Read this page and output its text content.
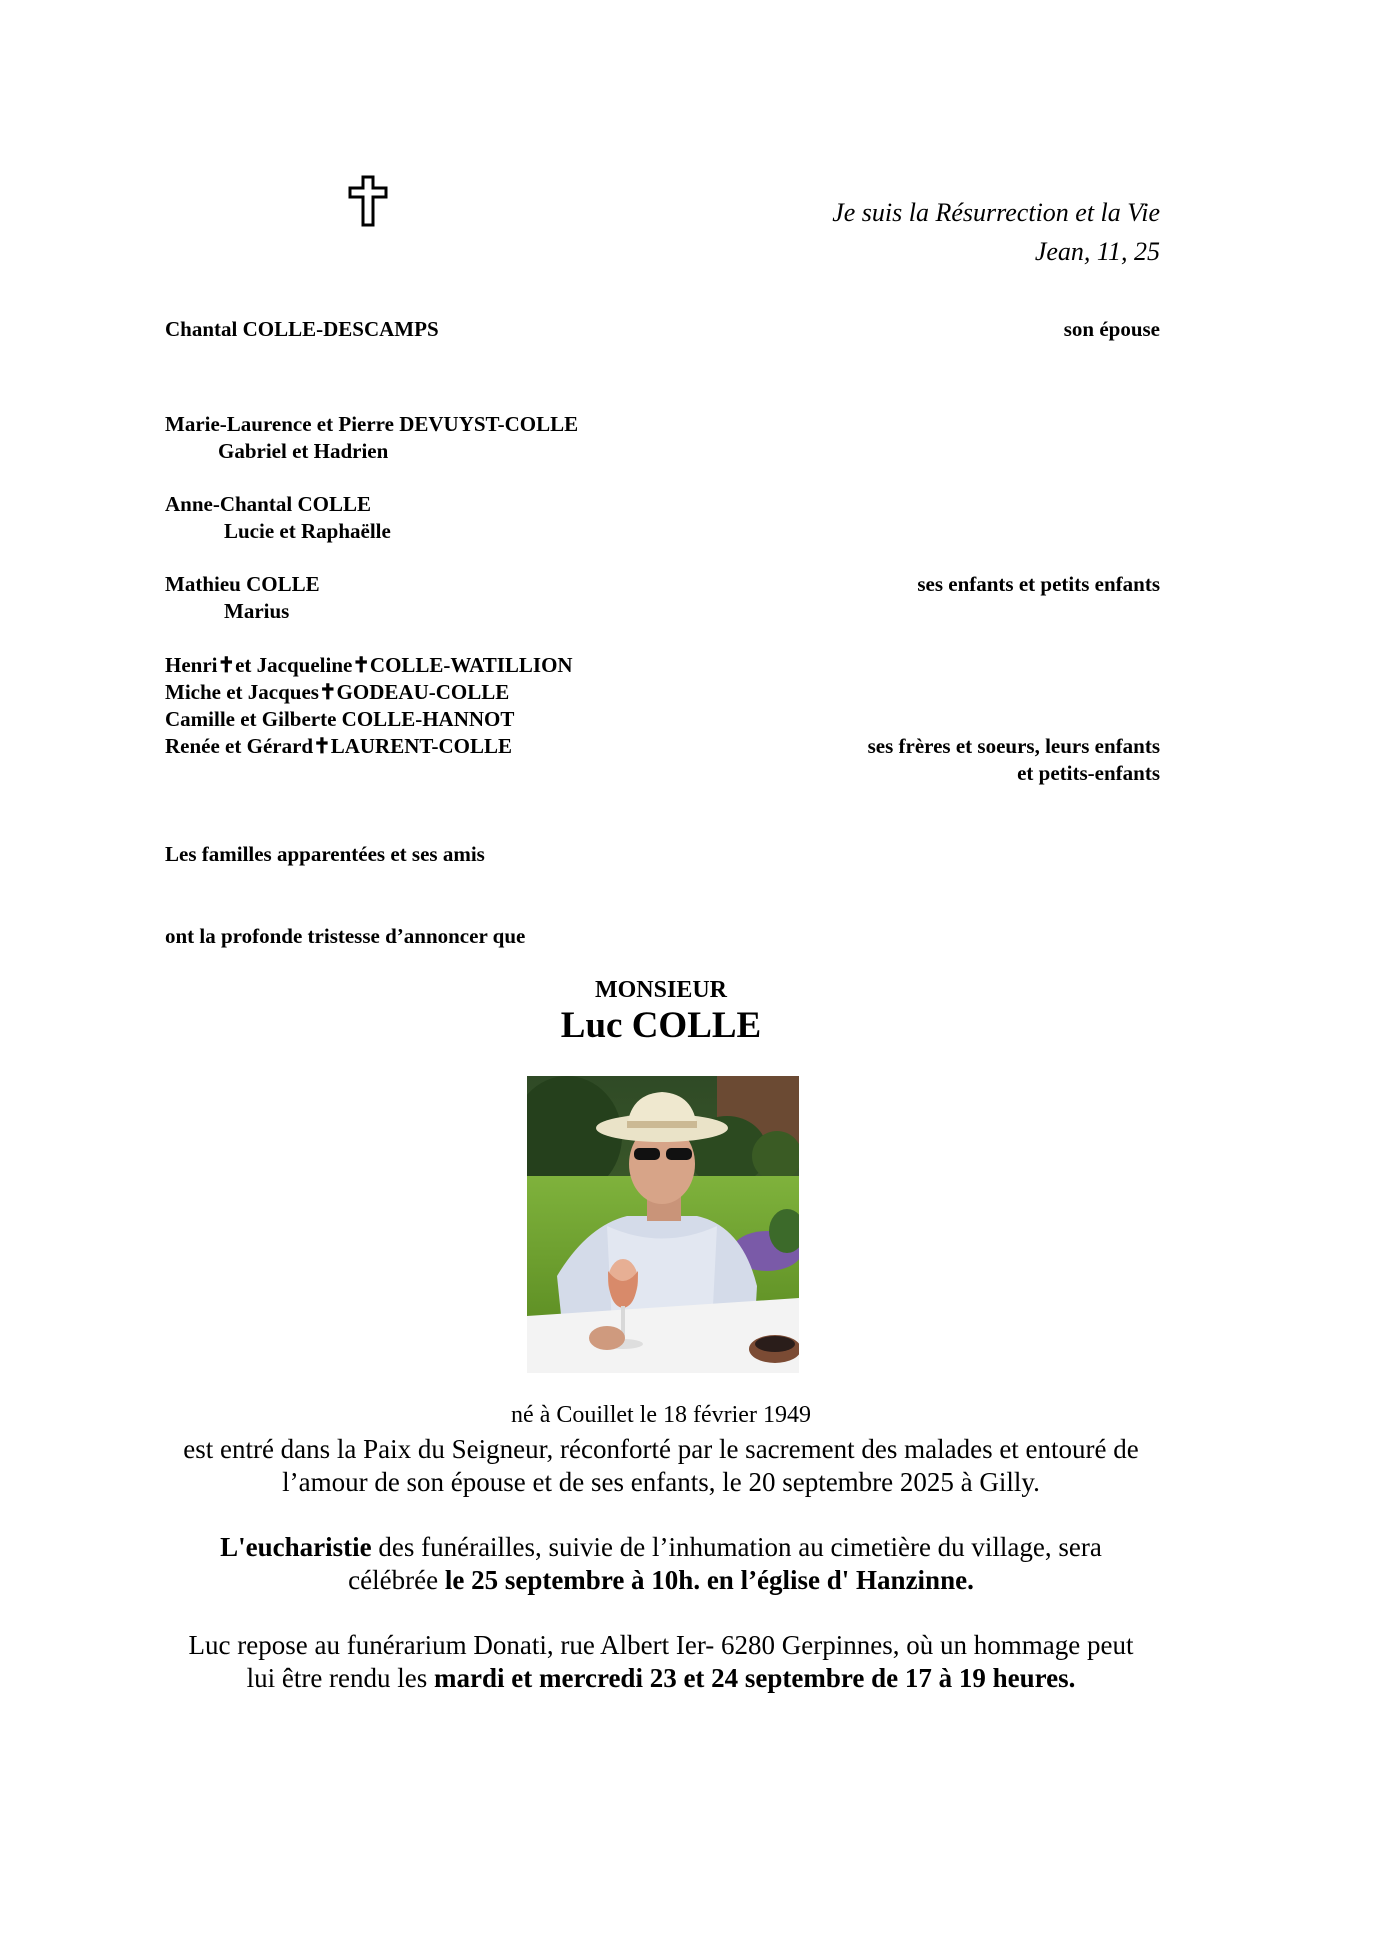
Je suis la Résurrection et la Vie
Jean, 11, 25
Chantal COLLE-DESCAMPS	son épouse
Marie-Laurence et Pierre DEVUYST-COLLE
Gabriel et Hadrien
Anne-Chantal COLLE
Lucie et Raphaëlle
Mathieu COLLE
Marius
ses enfants et petits enfants
Henri✝et Jacqueline✝COLLE-WATILLION
Miche et Jacques✝GODEAU-COLLE
Camille et Gilberte COLLE-HANNOT
Renée et Gérard✝LAURENT-COLLE	ses frères et soeurs, leurs enfants
et petits-enfants
Les familles apparentées et ses amis
ont la profonde tristesse d’annoncer que
MONSIEUR
Luc COLLE
né à Couillet le 18 février 1949
est entré dans la Paix du Seigneur, réconforté par le sacrement des malades et entouré de
l’amour de son épouse et de ses enfants, le 20 septembre 2025 à Gilly.
L'eucharistie des funérailles, suivie de l’inhumation au cimetière du village, sera
célébrée le 25 septembre à 10h. en l’église d' Hanzinne.
Luc repose au funérarium Donati, rue Albert Ier- 6280 Gerpinnes, où un hommage peut
lui être rendu les mardi et mercredi 23 et 24 septembre de 17 à 19 heures.
